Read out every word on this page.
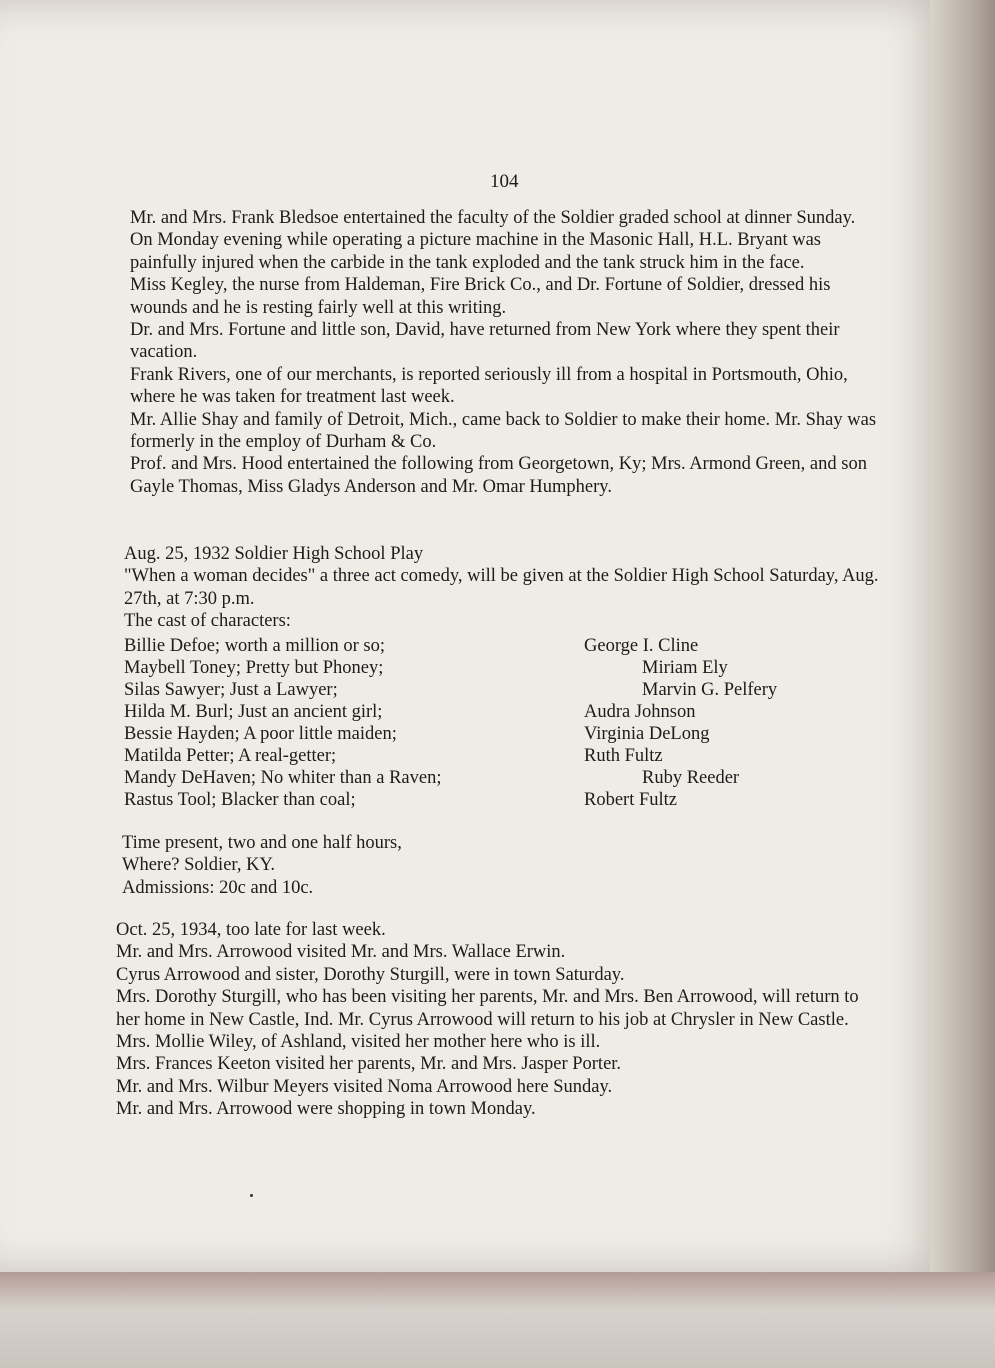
104

Mr. and Mrs. Frank Bledsoe entertained the faculty of the Soldier graded school at dinner Sunday.

On Monday evening while operating a picture machine in the Masonic Hall, H.L. Bryant was painfully injured when the carbide in the tank exploded and the tank struck him in the face.

Miss Kegley, the nurse from Haldeman, Fire Brick Co., and Dr. Fortune of Soldier, dressed his wounds and he is resting fairly well at this writing.

Dr. and Mrs. Fortune and little son, David, have returned from New York where they spent their vacation.

Frank Rivers, one of our merchants, is reported seriously ill from a hospital in Portsmouth, Ohio, where he was taken for treatment last week.

Mr. Allie Shay and family of Detroit, Mich., came back to Soldier to make their home. Mr. Shay was formerly in the employ of Durham & Co.

Prof. and Mrs. Hood entertained the following from Georgetown, Ky; Mrs. Armond Green, and son Gayle Thomas, Miss Gladys Anderson and Mr. Omar Humphery.

Aug. 25, 1932 Soldier High School Play

"When a woman decides" a three act comedy, will be given at the Soldier High School Saturday, Aug. 27th, at 7:30 p.m.

The cast of characters:

Billie Defoe; worth a million or so;	George I. Cline
Maybell Toney; Pretty but Phoney;	Miriam Ely
Silas Sawyer; Just a Lawyer;	Marvin G. Pelfery
Hilda M. Burl; Just an ancient girl;	Audra Johnson
Bessie Hayden; A poor little maiden;	Virginia DeLong
Matilda Petter; A real-getter;	Ruth Fultz
Mandy DeHaven; No whiter than a Raven;	Ruby Reeder
Rastus Tool; Blacker than coal;	Robert Fultz

Time present, two and one half hours,

Where? Soldier, KY.

Admissions: 20c and 10c.

Oct. 25, 1934, too late for last week.

Mr. and Mrs. Arrowood visited Mr. and Mrs. Wallace Erwin.

Cyrus Arrowood and sister, Dorothy Sturgill, were in town Saturday.

Mrs. Dorothy Sturgill, who has been visiting her parents, Mr. and Mrs. Ben Arrowood, will return to her home in New Castle, Ind. Mr. Cyrus Arrowood will return to his job at Chrysler in New Castle.

Mrs. Mollie Wiley, of Ashland, visited her mother here who is ill.

Mrs. Frances Keeton visited her parents, Mr. and Mrs. Jasper Porter.

Mr. and Mrs. Wilbur Meyers visited Noma Arrowood here Sunday.

Mr. and Mrs. Arrowood were shopping in town Monday.
